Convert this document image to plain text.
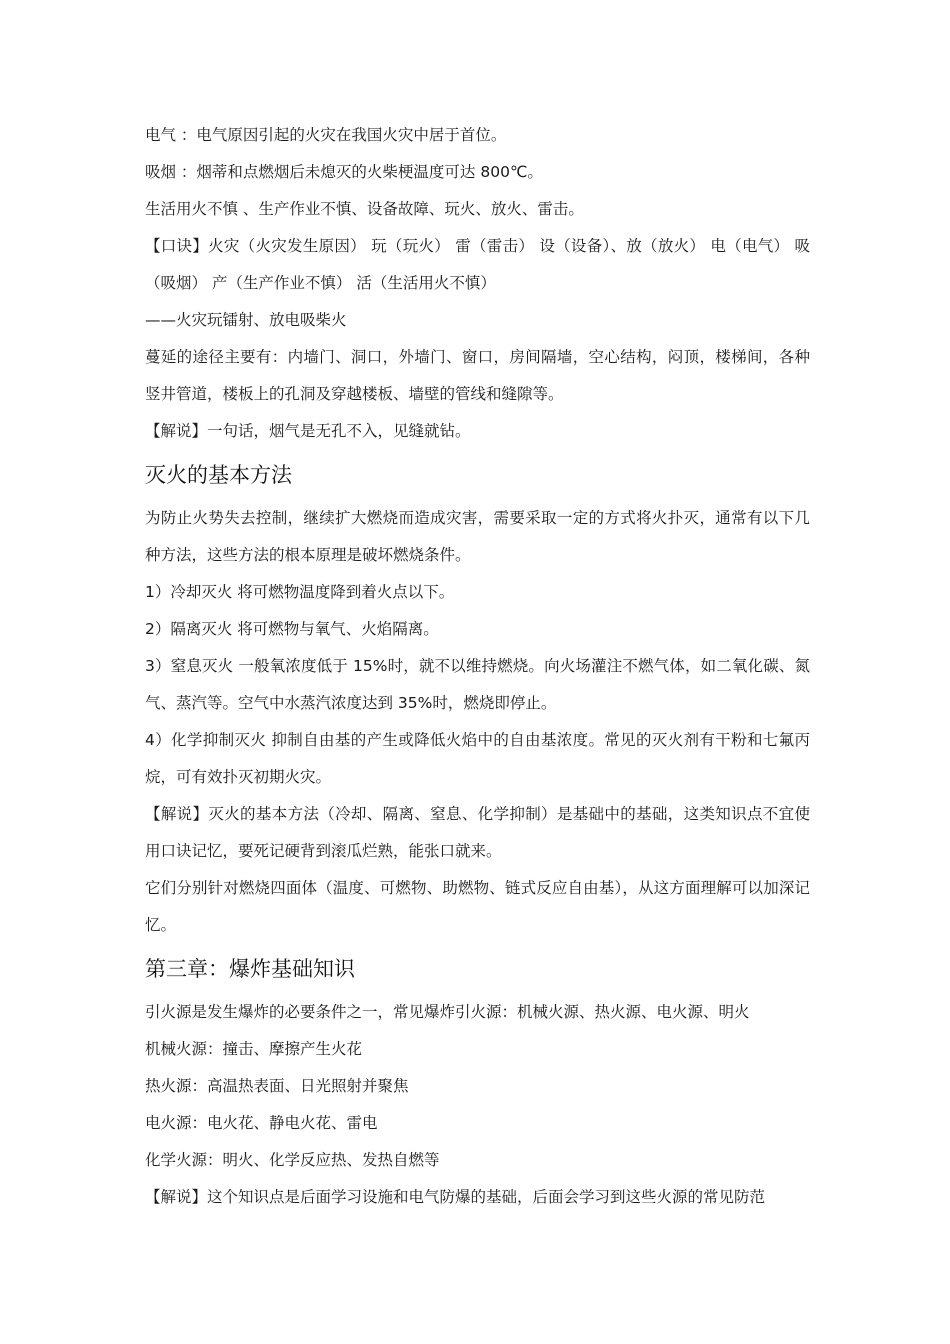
电气 ：电气原因引起的火灾在我国火灾中居于首位。

吸烟 ：烟蒂和点燃烟后未熄灭的火柴梗温度可达 800℃。

生活用火不慎 、生产作业不慎、设备故障、玩火、放火、雷击。

【口诀】火灾（火灾发生原因） 玩（玩火） 雷（雷击） 设（设备）、放（放火） 电（电气） 吸（吸烟） 产（生产作业不慎） 活（生活用火不慎）

——火灾玩镭射、放电吸柴火

蔓延的途径主要有：内墙门、洞口，外墙门、窗口，房间隔墙，空心结构，闷顶，楼梯间，各种竖井管道，楼板上的孔洞及穿越楼板、墙壁的管线和缝隙等。

【解说】一句话，烟气是无孔不入，见缝就钻。

灭火的基本方法

为防止火势失去控制，继续扩大燃烧而造成灾害，需要采取一定的方式将火扑灭，通常有以下几种方法，这些方法的根本原理是破坏燃烧条件。

1）冷却灭火 将可燃物温度降到着火点以下。

2）隔离灭火 将可燃物与氧气、火焰隔离。

3）窒息灭火 一般氧浓度低于 15%时，就不以维持燃烧。向火场灌注不燃气体，如二氧化碳、氮气、蒸汽等。空气中水蒸汽浓度达到 35%时，燃烧即停止。

4）化学抑制灭火 抑制自由基的产生或降低火焰中的自由基浓度。常见的灭火剂有干粉和七氟丙烷，可有效扑灭初期火灾。

【解说】灭火的基本方法（冷却、隔离、窒息、化学抑制）是基础中的基础，这类知识点不宜使用口诀记忆，要死记硬背到滚瓜烂熟，能张口就来。

它们分别针对燃烧四面体（温度、可燃物、助燃物、链式反应自由基），从这方面理解可以加深记忆。

第三章：爆炸基础知识

引火源是发生爆炸的必要条件之一，常见爆炸引火源：机械火源、热火源、电火源、明火

机械火源：撞击、摩擦产生火花

热火源：高温热表面、日光照射并聚焦

电火源：电火花、静电火花、雷电

化学火源：明火、化学反应热、发热自燃等

【解说】这个知识点是后面学习设施和电气防爆的基础，后面会学习到这些火源的常见防范
